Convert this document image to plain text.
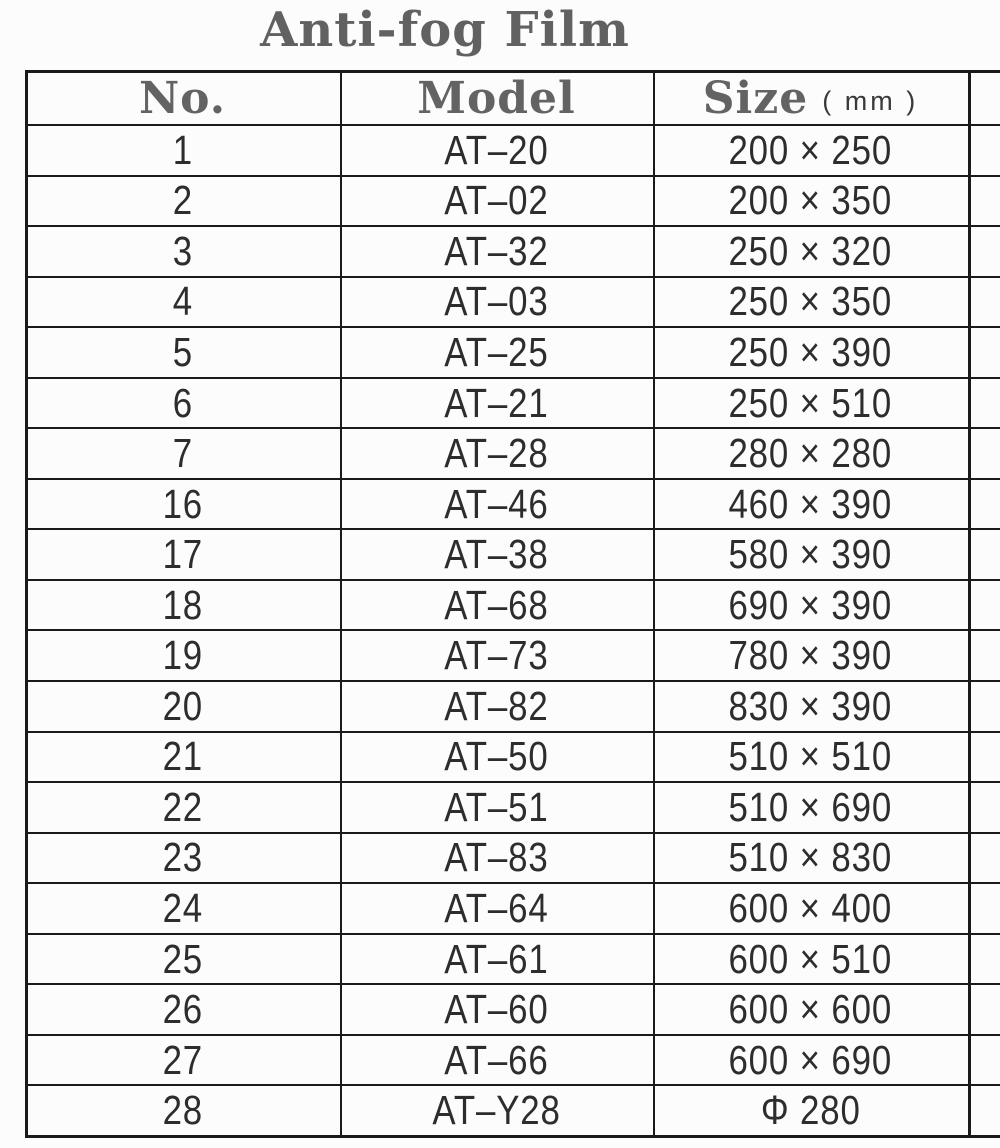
Anti-fog Film
No.	Model	Size ( mm )
1	AT–20	200 × 250
2	AT–02	200 × 350
3	AT–32	250 × 320
4	AT–03	250 × 350
5	AT–25	250 × 390
6	AT–21	250 × 510
7	AT–28	280 × 280
16	AT–46	460 × 390
17	AT–38	580 × 390
18	AT–68	690 × 390
19	AT–73	780 × 390
20	AT–82	830 × 390
21	AT–50	510 × 510
22	AT–51	510 × 690
23	AT–83	510 × 830
24	AT–64	600 × 400
25	AT–61	600 × 510
26	AT–60	600 × 600
27	AT–66	600 × 690
28	AT–Y28	Φ 280
